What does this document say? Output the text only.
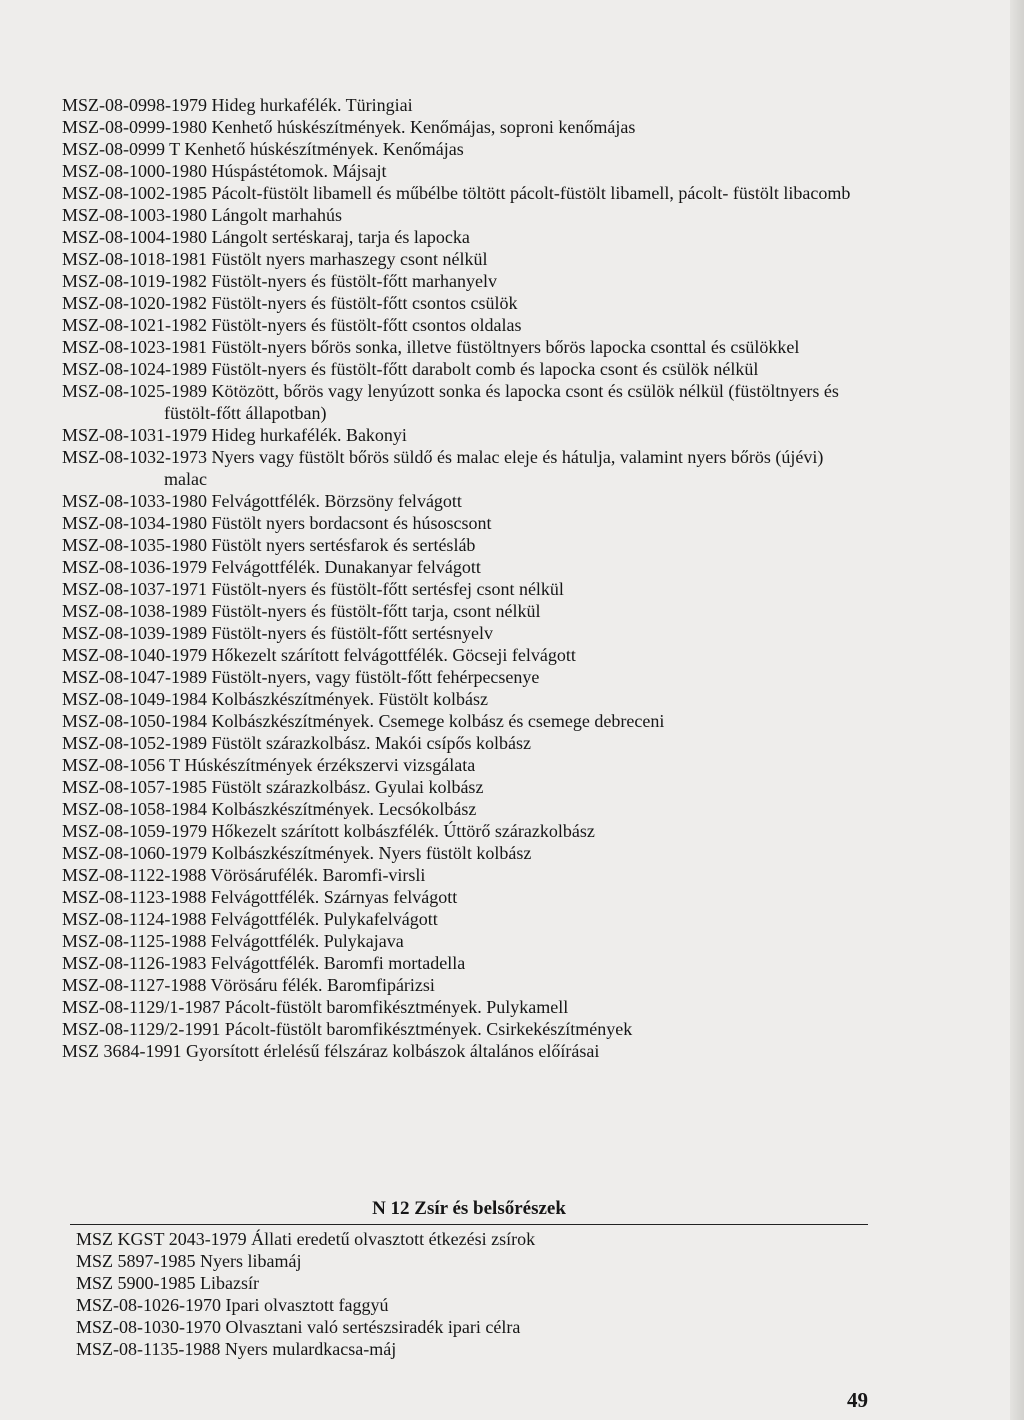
MSZ-08-0998-1979 Hideg hurkafélék. Türingiai
MSZ-08-0999-1980 Kenhető húskészítmények. Kenőmájas, soproni kenőmájas
MSZ-08-0999 T Kenhető húskészítmények. Kenőmájas
MSZ-08-1000-1980 Húspástétomok. Májsajt
MSZ-08-1002-1985 Pácolt-füstölt libamell és műbélbe töltött pácolt-füstölt libamell, pácolt- füstölt libacomb
MSZ-08-1003-1980 Lángolt marhahús
MSZ-08-1004-1980 Lángolt sertéskaraj, tarja és lapocka
MSZ-08-1018-1981 Füstölt nyers marhaszegy csont nélkül
MSZ-08-1019-1982 Füstölt-nyers és füstölt-főtt marhanyelv
MSZ-08-1020-1982 Füstölt-nyers és füstölt-főtt csontos csülök
MSZ-08-1021-1982 Füstölt-nyers és füstölt-főtt csontos oldalas
MSZ-08-1023-1981 Füstölt-nyers bőrös sonka, illetve füstöltnyers bőrös lapocka csonttal és csülökkel
MSZ-08-1024-1989 Füstölt-nyers és füstölt-főtt darabolt comb és lapocka csont és csülök nélkül
MSZ-08-1025-1989 Kötözött, bőrös vagy lenyúzott sonka és lapocka csont és csülök nélkül (füstöltnyers és füstölt-főtt állapotban)
MSZ-08-1031-1979 Hideg hurkafélék. Bakonyi
MSZ-08-1032-1973 Nyers vagy füstölt bőrös süldő és malac eleje és hátulja, valamint nyers bőrös (újévi) malac
MSZ-08-1033-1980 Felvágottfélék. Börzsöny felvágott
MSZ-08-1034-1980 Füstölt nyers bordacsont és húsoscsont
MSZ-08-1035-1980 Füstölt nyers sertésfarok és sertésláb
MSZ-08-1036-1979 Felvágottfélék. Dunakanyar felvágott
MSZ-08-1037-1971 Füstölt-nyers és füstölt-főtt sertésfej csont nélkül
MSZ-08-1038-1989 Füstölt-nyers és füstölt-főtt tarja, csont nélkül
MSZ-08-1039-1989 Füstölt-nyers és füstölt-főtt sertésnyelv
MSZ-08-1040-1979 Hőkezelt szárított felvágottfélék. Göcseji felvágott
MSZ-08-1047-1989 Füstölt-nyers, vagy füstölt-főtt fehérpecsenye
MSZ-08-1049-1984 Kolbászkészítmények. Füstölt kolbász
MSZ-08-1050-1984 Kolbászkészítmények. Csemege kolbász és csemege debreceni
MSZ-08-1052-1989 Füstölt szárazkolbász. Makói csípős kolbász
MSZ-08-1056 T Húskészítmények érzékszervi vizsgálata
MSZ-08-1057-1985 Füstölt szárazkolbász. Gyulai kolbász
MSZ-08-1058-1984 Kolbászkészítmények. Lecsókolbász
MSZ-08-1059-1979 Hőkezelt szárított kolbászfélék. Úttörő szárazkolbász
MSZ-08-1060-1979 Kolbászkészítmények. Nyers füstölt kolbász
MSZ-08-1122-1988 Vörösárufélék. Baromfi-virsli
MSZ-08-1123-1988 Felvágottfélék. Szárnyas felvágott
MSZ-08-1124-1988 Felvágottfélék. Pulykafelvágott
MSZ-08-1125-1988 Felvágottfélék. Pulykajava
MSZ-08-1126-1983 Felvágottfélék. Baromfi mortadella
MSZ-08-1127-1988 Vörösáru félék. Baromfipárizsi
MSZ-08-1129/1-1987 Pácolt-füstölt baromfikésztmények. Pulykamell
MSZ-08-1129/2-1991 Pácolt-füstölt baromfikésztmények. Csirkekészítmények
MSZ 3684-1991 Gyorsított érlelésű félszáraz kolbászok általános előírásai
N 12 Zsír és belsőrészek
MSZ KGST 2043-1979 Állati eredetű olvasztott étkezési zsírok
MSZ 5897-1985 Nyers libamáj
MSZ 5900-1985 Libazsír
MSZ-08-1026-1970 Ipari olvasztott faggyú
MSZ-08-1030-1970 Olvasztani való sertészsiradék ipari célra
MSZ-08-1135-1988 Nyers mulardkacsa-máj
49
